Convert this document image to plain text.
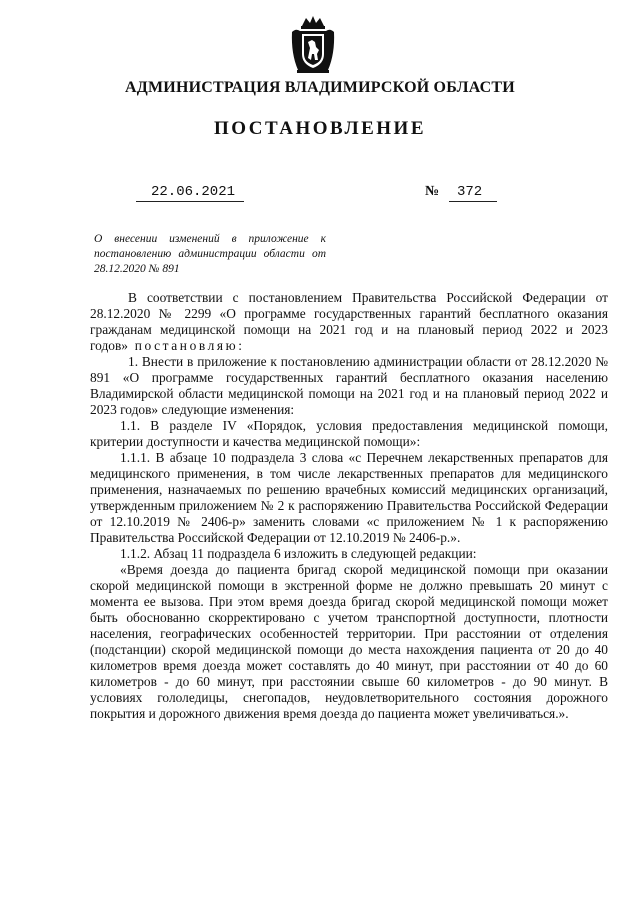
АДМИНИСТРАЦИЯ ВЛАДИМИРСКОЙ ОБЛАСТИ
ПОСТАНОВЛЕНИЕ
22.06.2021	№ 372
О внесении изменений в приложение к постановлению администрации области от 28.12.2020 № 891

В соответствии с постановлением Правительства Российской Федерации от 28.12.2020 № 2299 «О программе государственных гарантий бесплатного оказания гражданам медицинской помощи на 2021 год и на плановый период 2022 и 2023 годов» постановляю:

1. Внести в приложение к постановлению администрации области от 28.12.2020 № 891 «О программе государственных гарантий бесплатного оказания населению Владимирской области медицинской помощи на 2021 год и на плановый период 2022 и 2023 годов» следующие изменения:

1.1. В разделе IV «Порядок, условия предоставления медицинской помощи, критерии доступности и качества медицинской помощи»:

1.1.1. В абзаце 10 подраздела 3 слова «с Перечнем лекарственных препаратов для медицинского применения, в том числе лекарственных препаратов для медицинского применения, назначаемых по решению врачебных комиссий медицинских организаций, утвержденным приложением № 2 к распоряжению Правительства Российской Федерации от 12.10.2019 № 2406-р» заменить словами «с приложением № 1 к распоряжению Правительства Российской Федерации от 12.10.2019 № 2406-р.».

1.1.2. Абзац 11 подраздела 6 изложить в следующей редакции:

«Время доезда до пациента бригад скорой медицинской помощи при оказании скорой медицинской помощи в экстренной форме не должно превышать 20 минут с момента ее вызова. При этом время доезда бригад скорой медицинской помощи может быть обоснованно скорректировано с учетом транспортной доступности, плотности населения, географических особенностей территории. При расстоянии от отделения (подстанции) скорой медицинской помощи до места нахождения пациента от 20 до 40 километров время доезда может составлять до 40 минут, при расстоянии от 40 до 60 километров - до 60 минут, при расстоянии свыше 60 километров - до 90 минут. В условиях гололедицы, снегопадов, неудовлетворительного состояния дорожного покрытия и дорожного движения время доезда до пациента может увеличиваться.».
